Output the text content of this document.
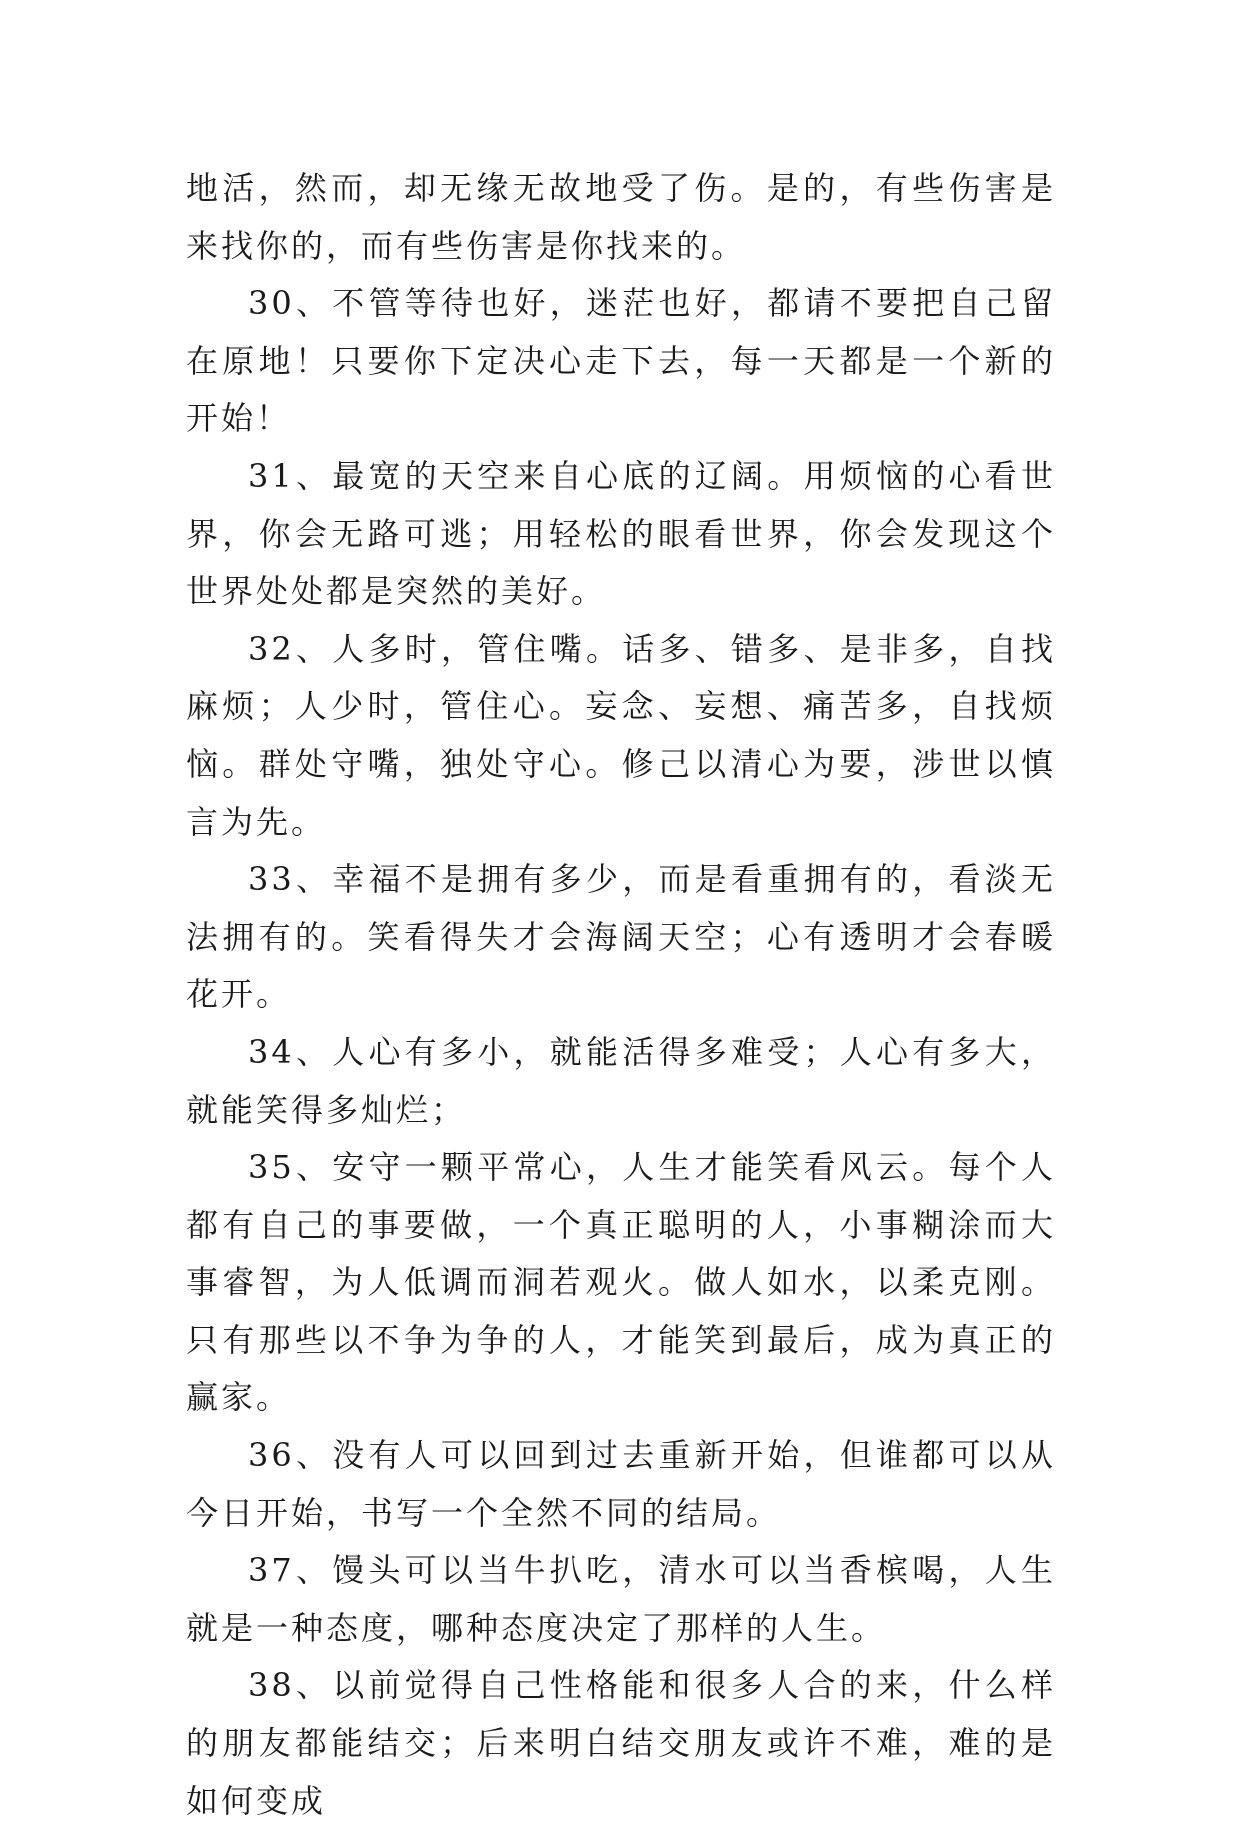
地活，然而，却无缘无故地受了伤。是的，有些伤害是来找你的，而有些伤害是你找来的。

30、不管等待也好，迷茫也好，都请不要把自己留在原地！只要你下定决心走下去，每一天都是一个新的开始！

31、最宽的天空来自心底的辽阔。用烦恼的心看世界，你会无路可逃；用轻松的眼看世界，你会发现这个世界处处都是突然的美好。

32、人多时，管住嘴。话多、错多、是非多，自找麻烦；人少时，管住心。妄念、妄想、痛苦多，自找烦恼。群处守嘴，独处守心。修己以清心为要，涉世以慎言为先。

33、幸福不是拥有多少，而是看重拥有的，看淡无法拥有的。笑看得失才会海阔天空；心有透明才会春暖花开。

34、人心有多小，就能活得多难受；人心有多大，就能笑得多灿烂；

35、安守一颗平常心，人生才能笑看风云。每个人都有自己的事要做，一个真正聪明的人，小事糊涂而大事睿智，为人低调而洞若观火。做人如水，以柔克刚。只有那些以不争为争的人，才能笑到最后，成为真正的赢家。

36、没有人可以回到过去重新开始，但谁都可以从今日开始，书写一个全然不同的结局。

37、馒头可以当牛扒吃，清水可以当香槟喝，人生就是一种态度，哪种态度决定了那样的人生。

38、以前觉得自己性格能和很多人合的来，什么样的朋友都能结交；后来明白结交朋友或许不难，难的是如何变成
